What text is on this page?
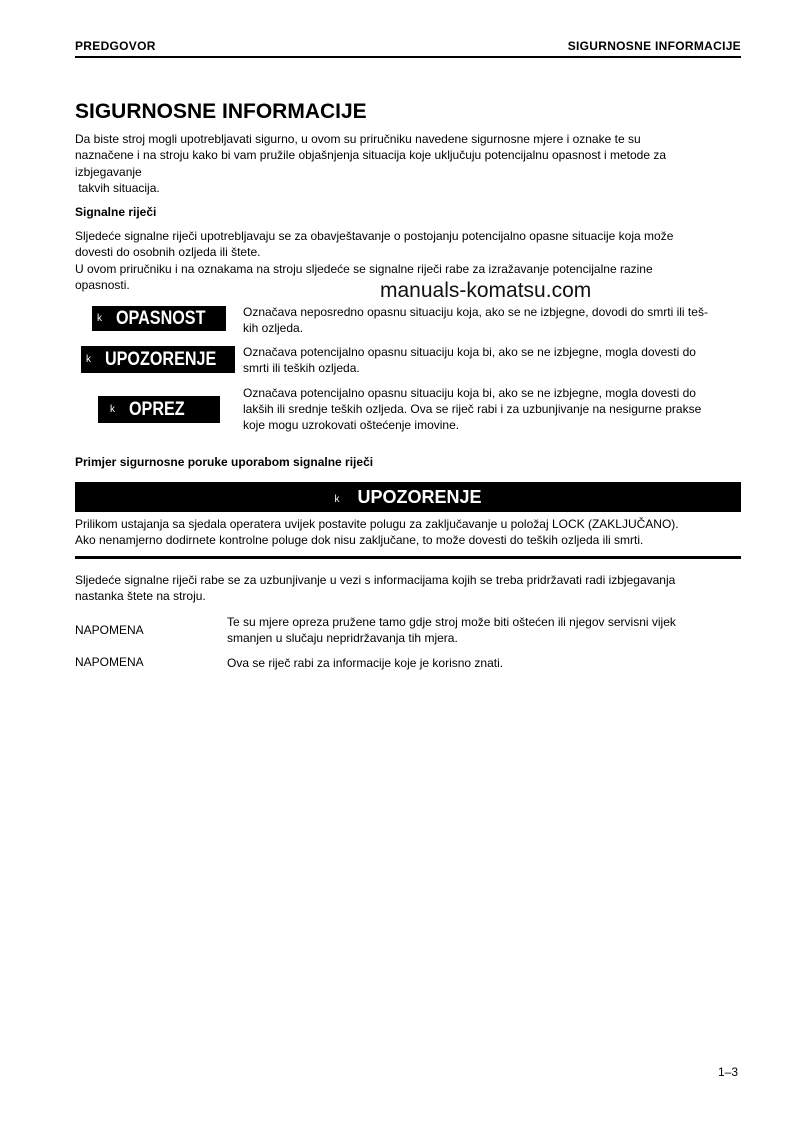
PREDGOVOR	SIGURNOSNE INFORMACIJE
SIGURNOSNE INFORMACIJE
Da biste stroj mogli upotrebljavati sigurno, u ovom su priručniku navedene sigurnosne mjere i oznake te su
naznačene i na stroju kako bi vam pružile objašnjenja situacija koje uključuju potencijalnu opasnost i metode za
izbjegavanje
takvih situacija.
Signalne riječi
Sljedeće signalne riječi upotrebljavaju se za obavještavanje o postojanju potencijalno opasne situacije koja može
dovesti do osobnih ozljeda ili štete.
U ovom priručniku i na oznakama na stroju sljedeće se signalne riječi rabe za izražavanje potencijalne razine
opasnosti.	manuals-komatsu.com
k OPASNOST	Označava neposredno opasnu situaciju koja, ako se ne izbjegne, dovodi do smrti ili teš-
kih ozljeda.
k UPOZORENJE Označava potencijalno opasnu situaciju koja bi, ako se ne izbjegne, mogla dovesti do
smrti ili teških ozljeda.
k OPREZ
Označava potencijalno opasnu situaciju koja bi, ako se ne izbjegne, mogla dovesti do
lakših ili srednje teških ozljeda. Ova se riječ rabi i za uzbunjivanje na nesigurne prakse
koje mogu uzrokovati oštećenje imovine.
Primjer sigurnosne poruke uporabom signalne riječi
k UPOZORENJE
Prilikom ustajanja sa sjedala operatera uvijek postavite polugu za zaključavanje u položaj LOCK (ZAKLJUČANO).
Ako nenamjerno dodirnete kontrolne poluge dok nisu zaključane, to može dovesti do teških ozljeda ili smrti.
Sljedeće signalne riječi rabe se za uzbunjivanje u vezi s informacijama kojih se treba pridržavati radi izbjegavanja
nastanka štete na stroju.
NAPOMENA
Te su mjere opreza pružene tamo gdje stroj može biti oštećen ili njegov servisni vijek
smanjen u slučaju nepridržavanja tih mjera.
NAPOMENA	Ova se riječ rabi za informacije koje je korisno znati.
1–3
